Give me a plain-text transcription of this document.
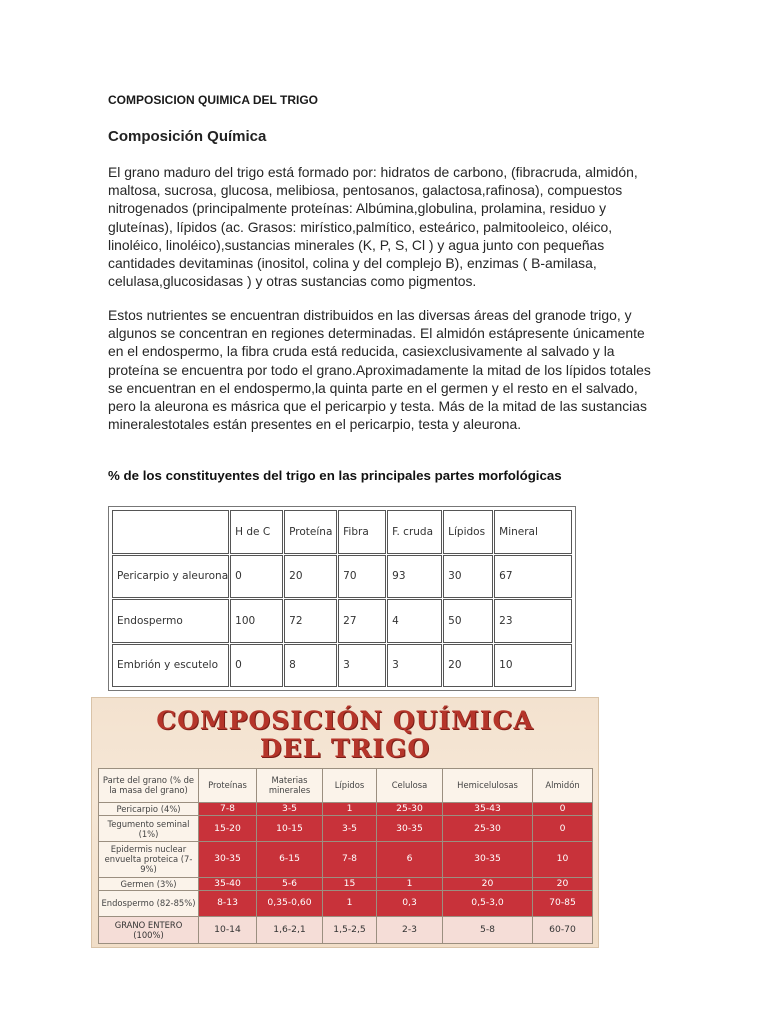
COMPOSICION QUIMICA DEL TRIGO
Composición Química

El grano maduro del trigo está formado por: hidratos de carbono, (fibracruda, almidón, maltosa, sucrosa, glucosa, melibiosa, pentosanos, galactosa,rafinosa), compuestos nitrogenados (principalmente proteínas: Albúmina,globulina, prolamina, residuo y gluteínas), lípidos (ac. Grasos: mirístico,palmítico, esteárico, palmitooleico, oléico, linoléico, linoléico),sustancias minerales (K, P, S, Cl ) y agua junto con pequeñas cantidades devitaminas (inositol, colina y del complejo B), enzimas ( B-amilasa, celulasa,glucosidasas ) y otras sustancias como pigmentos.

Estos nutrientes se encuentran distribuidos en las diversas áreas del granode trigo, y algunos se concentran en regiones determinadas. El almidón estápresente únicamente en el endospermo, la fibra cruda está reducida, casiexclusivamente al salvado y la proteína se encuentra por todo el grano.Aproximadamente la mitad de los lípidos totales se encuentran en el endospermo,la quinta parte en el germen y el resto en el salvado, pero la aleurona es másrica que el pericarpio y testa. Más de la mitad de las sustancias mineralestotales están presentes en el pericarpio, testa y aleurona.

% de los constituyentes del trigo en las principales partes morfológicas
	H de C	Proteína	Fibra	F. cruda	Lípidos	Mineral
Pericarpio y aleurona	0	20	70	93	30	67
Endospermo	100	72	27	4	50	23
Embrión y escutelo	0	8	3	3	20	10
COMPOSICIÓN QUÍMICA
DEL TRIGO
Parte del grano (% de la masa del grano)	Proteínas	Materias minerales	Lípidos	Celulosa	Hemicelulosas	Almidón
Pericarpio (4%)	7-8	3-5	1	25-30	35-43	0
Tegumento seminal (1%)	15-20	10-15	3-5	30-35	25-30	0
Epidermis nuclear envuelta proteica (7-9%)	30-35	6-15	7-8	6	30-35	10
Germen (3%)	35-40	5-6	15	1	20	20
Endospermo (82-85%)	8-13	0,35-0,60	1	0,3	0,5-3,0	70-85
GRANO ENTERO (100%)	10-14	1,6-2,1	1,5-2,5	2-3	5-8	60-70
